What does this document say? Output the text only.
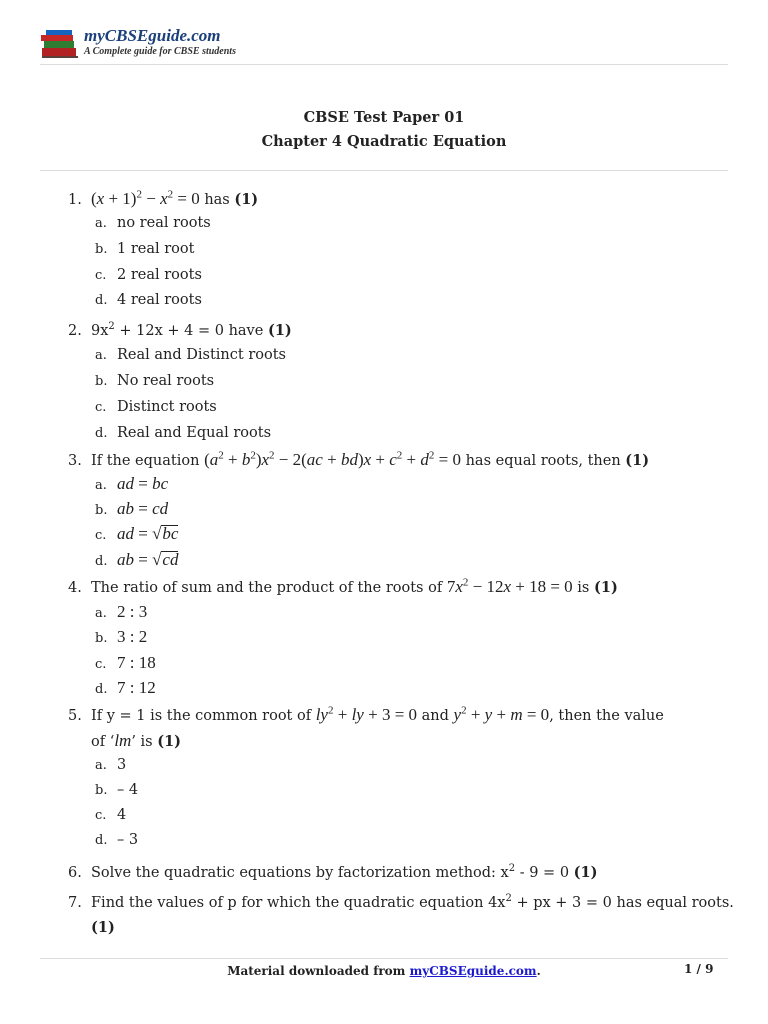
myCBSEguide.com
A Complete guide for CBSE students
CBSE Test Paper 01
Chapter 4 Quadratic Equation
1. $(x + 1)^2 - x^2 = 0$ has (1)
a. no real roots
b. 1 real root
c. 2 real roots
d. 4 real roots
2. $9x^2 + 12x + 4 = 0$ have (1)
a. Real and Distinct roots
b. No real roots
c. Distinct roots
d. Real and Equal roots
3. If the equation $(a^2 + b^2)x^2 - 2(ac + bd)x + c^2 + d^2 = 0$ has equal roots, then (1)
a. ad = bc
b. ab = cd
c. ad = √bc
d. ab = √cd
4. The ratio of sum and the product of the roots of $7x^2 - 12x + 18 = 0$ is (1)
a. 2 : 3
b. 3 : 2
c. 7 : 18
d. 7 : 12
5. If y = 1 is the common root of $ly^2$ + ly + 3 = 0 and $y^2 + y + m = 0$, then the value
of ‘lm’ is (1)
a. 3
b. – 4
c. 4
d. – 3
6. Solve the quadratic equations by factorization method: $x^2 - 9 = 0$ (1)
7. Find the values of p for which the quadratic equation $4x^2$ + px + 3 = 0 has equal roots.
(1)
Material downloaded from myCBSEguide.com.	1 / 9
